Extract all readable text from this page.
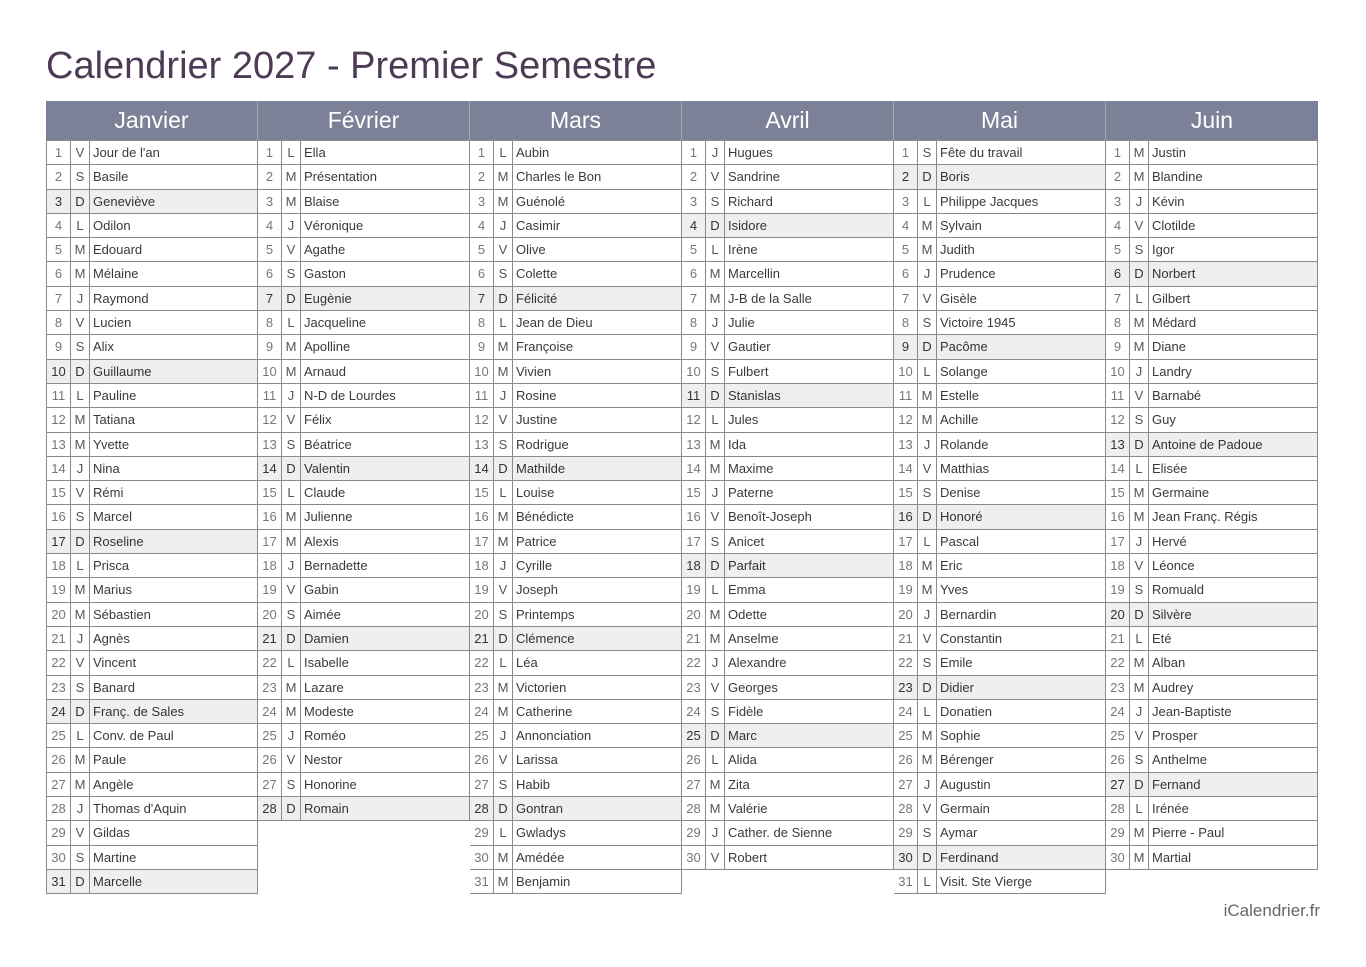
Calendrier 2027 - Premier Semestre
Janvier
1	V Jour de l'an
2	S Basile
3	D Geneviève
4	L Odilon
5 M Edouard
6 M Mélaine
7	J Raymond
8	V Lucien
9	S Alix
10 D Guillaume
11 L Pauline
12 M Tatiana
13 M Yvette
14 J Nina
15 V Rémi
16 S Marcel
17 D Roseline
18 L Prisca
19 M Marius
20 M Sébastien
21 J Agnès
22 V Vincent
23 S Banard
24 D Franç. de Sales
25 L Conv. de Paul
26 M Paule
27 M Angèle
28 J Thomas d'Aquin
29 V Gildas
30 S Martine
31 D Marcelle
Février
1	L Ella
2 M Présentation
3 M Blaise
4	J Véronique
5	V Agathe
6	S Gaston
7	D Eugènie
8	L Jacqueline
9 M Apolline
10 M Arnaud
11 J N-D de Lourdes
12 V Félix
13 S Béatrice
14 D Valentin
15 L Claude
16 M Julienne
17 M Alexis
18 J Bernadette
19 V Gabin
20 S Aimée
21 D Damien
22 L Isabelle
23 M Lazare
24 M Modeste
25 J Roméo
26 V Nestor
27 S Honorine
28 D Romain
Mars
1	L Aubin
2 M Charles le Bon
3 M Guénolé
4	J Casimir
5	V Olive
6	S Colette
7	D Félicité
8	L Jean de Dieu
9 M Françoise
10 M Vivien
11 J Rosine
12 V Justine
13 S Rodrigue
14 D Mathilde
15 L Louise
16 M Bénédicte
17 M Patrice
18 J Cyrille
19 V Joseph
20 S Printemps
21 D Clémence
22 L Léa
23 M Victorien
24 M Catherine
25 J Annonciation
26 V Larissa
27 S Habib
28 D Gontran
29 L Gwladys
30 M Amédée
31 M Benjamin
Avril
1	J Hugues
2	V Sandrine
3	S Richard
4	D Isidore
5	L Irène
6 M Marcellin
7 M J-B de la Salle
8	J Julie
9	V Gautier
10 S Fulbert
11 D Stanislas
12 L Jules
13 M Ida
14 M Maxime
15 J Paterne
16 V Benoît-Joseph
17 S Anicet
18 D Parfait
19 L Emma
20 M Odette
21 M Anselme
22 J Alexandre
23 V Georges
24 S Fidèle
25 D Marc
26 L Alida
27 M Zita
28 M Valérie
29 J Cather. de Sienne
30 V Robert
Mai
1	S Fête du travail
2	D Boris
3	L Philippe Jacques
4 M Sylvain
5 M Judith
6	J Prudence
7	V Gisèle
8	S Victoire 1945
9	D Pacôme
10 L Solange
11 M Estelle
12 M Achille
13 J Rolande
14 V Matthias
15 S Denise
16 D Honoré
17 L Pascal
18 M Eric
19 M Yves
20 J Bernardin
21 V Constantin
22 S Emile
23 D Didier
24 L Donatien
25 M Sophie
26 M Bérenger
27 J Augustin
28 V Germain
29 S Aymar
30 D Ferdinand
31 L Visit. Ste Vierge
Juin
1 M Justin
2 M Blandine
3	J Kévin
4	V Clotilde
5	S Igor
6	D Norbert
7	L Gilbert
8 M Médard
9 M Diane
10 J Landry
11 V Barnabé
12 S Guy
13 D Antoine de Padoue
14 L Elisée
15 M Germaine
16 M Jean Franç. Régis
17 J Hervé
18 V Léonce
19 S Romuald
20 D Silvère
21 L Eté
22 M Alban
23 M Audrey
24 J Jean-Baptiste
25 V Prosper
26 S Anthelme
27 D Fernand
28 L Irénée
29 M Pierre - Paul
30 M Martial
iCalendrier.fr
